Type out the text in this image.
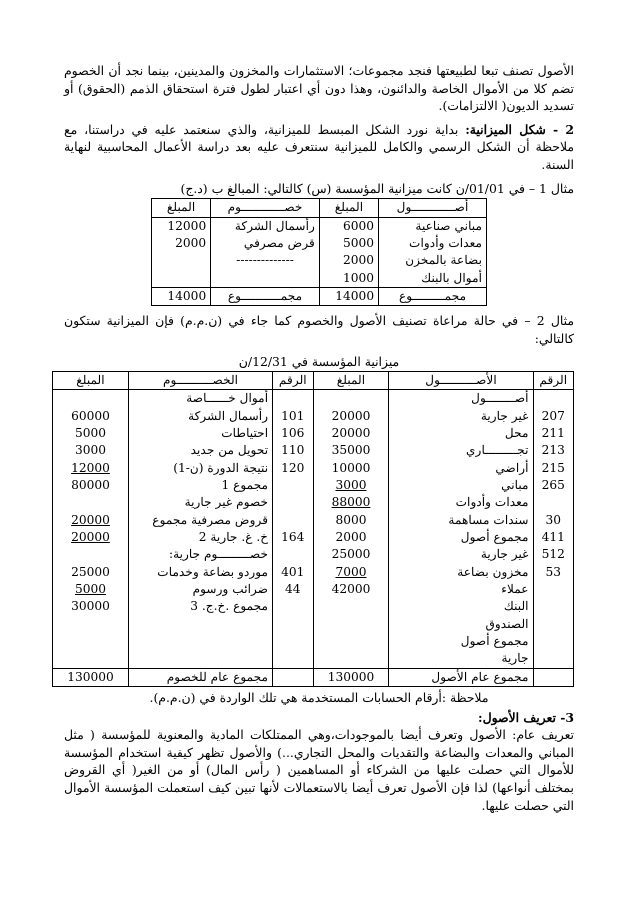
الأصول تصنف تبعا لطبيعتها فنجد مجموعات؛ الاستثمارات والمخزون والمدينين، بينما نجد أن الخصوم تضم كلا من الأموال الخاصة والدائنون، وهذا دون أي اعتبار لطول فترة استحقاق الذمم (الحقوق) أو تسديد الديون( الالتزامات).

2 - شكل الميزانية: بداية نورد الشكل المبسط للميزانية، والذي سنعتمد عليه في دراستنا، مع ملاحظة أن الشكل الرسمي والكامل للميزانية سنتعرف عليه بعد دراسة الأعمال المحاسبية لنهاية السنة.

مثال 1 – في 01/01/ن كانت ميزانية المؤسسة (س) كالتالي: المبالغ ب (د.ج)

أصــــــــــــول	المبلغ	خصــــــــــــوم	المبلغ
مباني صناعية	6000	رأسمال الشركة	12000
معدات وأدوات	5000	قرض مصرفي	2000
بضاعة بالمخزن	2000	--------------	
أموال بالبنك	1000		
مجمـــــــــوع	14000	مجمـــــــــــوع	14000

مثال 2 – في حالة مراعاة تصنيف الأصول والخصوم كما جاء في (ن.م.م) فإن الميزانية ستكون كالتالي:

ميزانية المؤسسة في 12/31/ن

الرقم	الأصــــــــــول	المبلغ	الرقم	الخصــــــــــوم	المبلغ
	أصــــــــول			أموال خــــــاصة	
207	غير جارية	20000	101	رأسمال الشركة	60000
211	محل	20000	106	احتياطات	5000
213	تجـــــــــاري	35000	110	تحويل من جديد	3000
215	أراضي	10000	120	نتيجة الدورة (ن-1)	12000
265	مباني	3000		مجموع 1	80000
	معدات وأدوات	88000		خصوم غير جارية	
30	سندات مساهمة	8000		قروض مصرفية مجموع	20000
411	مجموع أصول	2000	164	خ. غ. جارية 2	20000
512	غير جارية	25000		خصـــــــــوم جارية:	
53	مخزون بضاعة	7000	401	موردو بضاعة وخدمات	25000
	عملاء	42000	44	ضرائب ورسوم	5000
	البنك			مجموع .خ.ج. 3	30000
	الصندوق				
	مجموع أصول				
	جارية				
	مجموع عام الأصول	130000		مجموع عام للخصوم	130000

ملاحظة :أرقام الحسابات المستخدمة هي تلك الواردة في (ن.م.م).

3- تعريف الأصول:

تعريف عام: الأصول وتعرف أيضا بالموجودات،وهي الممتلكات المادية والمعنوية للمؤسسة ( مثل المباني والمعدات والبضاعة والتقديات والمحل التجاري...) والأصول تظهر كيفية استخدام المؤسسة للأموال التي حصلت عليها من الشركاء أو المساهمين ( رأس المال) أو من الغير( أي القروض بمختلف أنواعها) لذا فإن الأصول تعرف أيضا بالاستعمالات لأنها تبين كيف استعملت المؤسسة الأموال التي حصلت عليها.
